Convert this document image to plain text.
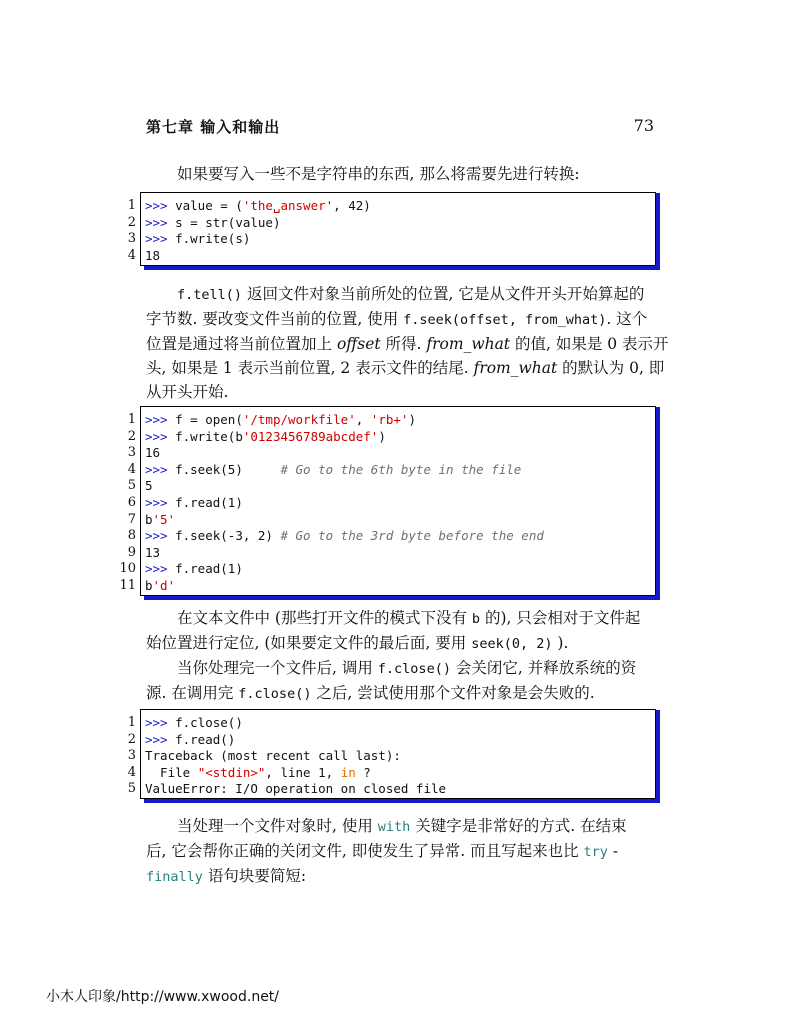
第七章 输入和输出	73
如果要写入一些不是字符串的东西, 那么将需要先进行转换:
1
2
3
4
>>> value = ('the␣answer', 42)
>>> s = str(value)
>>> f.write(s)
18
f.tell() 返回文件对象当前所处的位置, 它是从文件开头开始算起的
字节数. 要改变文件当前的位置, 使用 f.seek(offset, from_what). 这个
位置是通过将当前位置加上 offset 所得. from_what 的值, 如果是 0 表示开
头, 如果是 1 表示当前位置, 2 表示文件的结尾. from_what 的默认为 0, 即
从开头开始.
1
2
3
4
5
6
7
8
9
10
11
>>> f = open('/tmp/workfile', 'rb+')
>>> f.write(b'0123456789abcdef')
16
>>> f.seek(5)     # Go to the 6th byte in the file
5
>>> f.read(1)
b'5'
>>> f.seek(-3, 2) # Go to the 3rd byte before the end
13
>>> f.read(1)
b'd'
在文本文件中 (那些打开文件的模式下没有 b 的), 只会相对于文件起
始位置进行定位, (如果要定文件的最后面, 要用 seek(0, 2) ).
当你处理完一个文件后, 调用 f.close() 会关闭它, 并释放系统的资
源. 在调用完 f.close() 之后, 尝试使用那个文件对象是会失败的.
1
2
3
4
5
>>> f.close()
>>> f.read()
Traceback (most recent call last):
File "<stdin>", line 1, in ?
ValueError: I/O operation on closed file
当处理一个文件对象时, 使用 with 关键字是非常好的方式. 在结束
后, 它会帮你正确的关闭文件, 即使发生了异常. 而且写起来也比 try -
finally 语句块要简短:
小木人印象/http://www.xwood.net/
